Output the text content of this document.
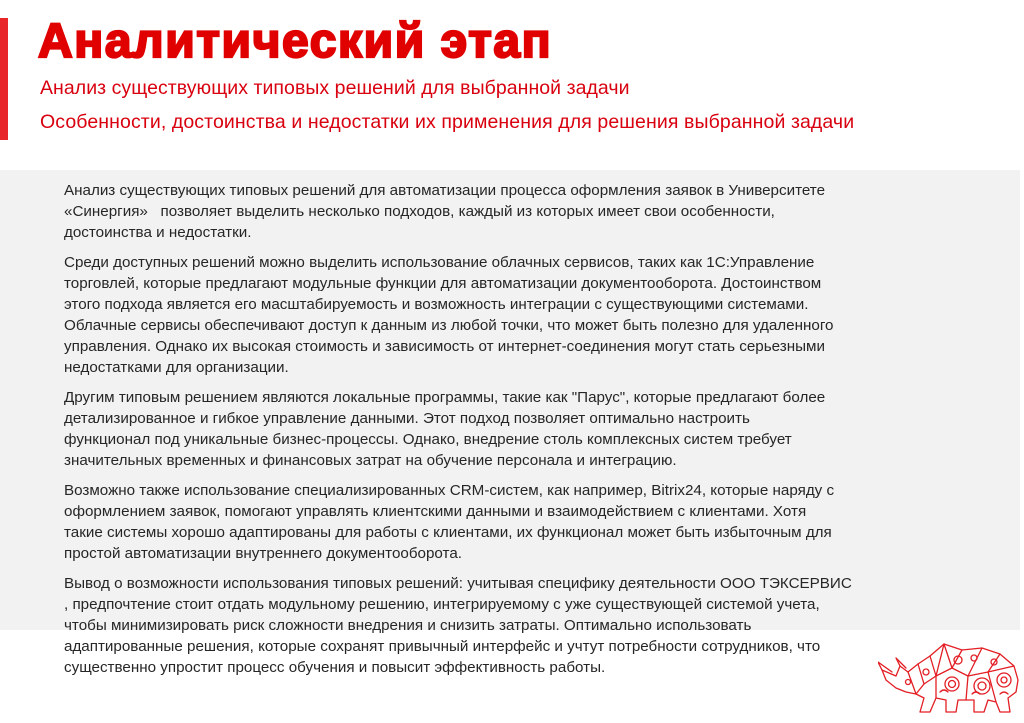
Аналитический этап

Анализ существующих типовых решений для выбранной задачи

Особенности, достоинства и недостатки их применения для решения выбранной задачи

Анализ существующих типовых решений для автоматизации процесса оформления заявок в Университете
«Синергия»   позволяет выделить несколько подходов, каждый из которых имеет свои особенности,
достоинства и недостатки.

Среди доступных решений можно выделить использование облачных сервисов, таких как 1С:Управление
торговлей, которые предлагают модульные функции для автоматизации документооборота. Достоинством
этого подхода является его масштабируемость и возможность интеграции с существующими системами.
Облачные сервисы обеспечивают доступ к данным из любой точки, что может быть полезно для удаленного
управления. Однако их высокая стоимость и зависимость от интернет-соединения могут стать серьезными
недостатками для организации.

Другим типовым решением являются локальные программы, такие как "Парус", которые предлагают более
детализированное и гибкое управление данными. Этот подход позволяет оптимально настроить
функционал под уникальные бизнес-процессы. Однако, внедрение столь комплексных систем требует
значительных временных и финансовых затрат на обучение персонала и интеграцию.

Возможно также использование специализированных CRM-систем, как например, Bitrix24, которые наряду с
оформлением заявок, помогают управлять клиентскими данными и взаимодействием с клиентами. Хотя
такие системы хорошо адаптированы для работы с клиентами, их функционал может быть избыточным для
простой автоматизации внутреннего документооборота.

Вывод о возможности использования типовых решений: учитывая специфику деятельности ООО ТЭКСЕРВИС
, предпочтение стоит отдать модульному решению, интегрируемому с уже существующей системой учета,
чтобы минимизировать риск сложности внедрения и снизить затраты. Оптимально использовать
адаптированные решения, которые сохранят привычный интерфейс и учтут потребности сотрудников, что
существенно упростит процесс обучения и повысит эффективность работы.
